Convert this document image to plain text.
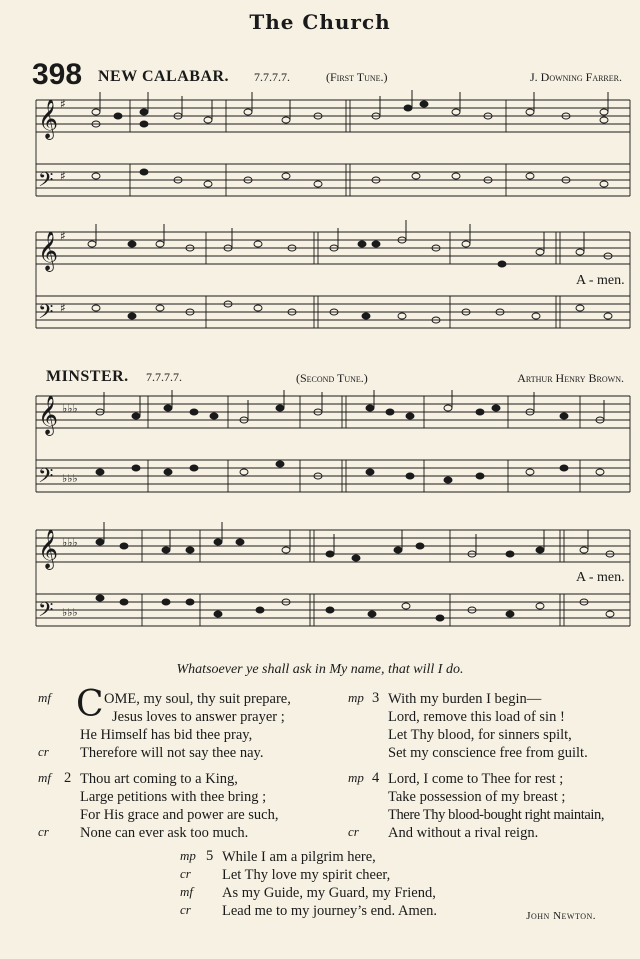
The Church
398 NEW CALABAR. 7.7.7.7.	(First Tune.)	J. Downing Farrer.
𝄞
𝄢
𝄞
𝄢
♯
♯
♯
♯
A - men.
MINSTER. 7.7.7.7.	(Second Tune.)	Arthur Henry Brown.
𝄞
𝄢
𝄞
𝄢
♭♭♭
♭♭♭
♭♭♭
♭♭♭
A - men.
Whatsoever ye shall ask in My name, that will I do.
mf C OME, my soul, thy suit prepare,
Jesus loves to answer prayer ;
He Himself has bid thee pray,
cr Therefore will not say thee nay.
mp 3 With my burden I begin—
Lord, remove this load of sin !
Let Thy blood, for sinners spilt,
Set my conscience free from guilt.
mf 2 Thou art coming to a King,
Large petitions with thee bring ;
For His grace and power are such,
cr None can ever ask too much.
mp 4 Lord, I come to Thee for rest ;
Take possession of my breast ;
There Thy blood-bought right maintain,
cr And without a rival reign.
mp 5 While I am a pilgrim here,
cr Let Thy love my spirit cheer,
mf As my Guide, my Guard, my Friend,
cr Lead me to my journey’s end. Amen.	John Newton.
